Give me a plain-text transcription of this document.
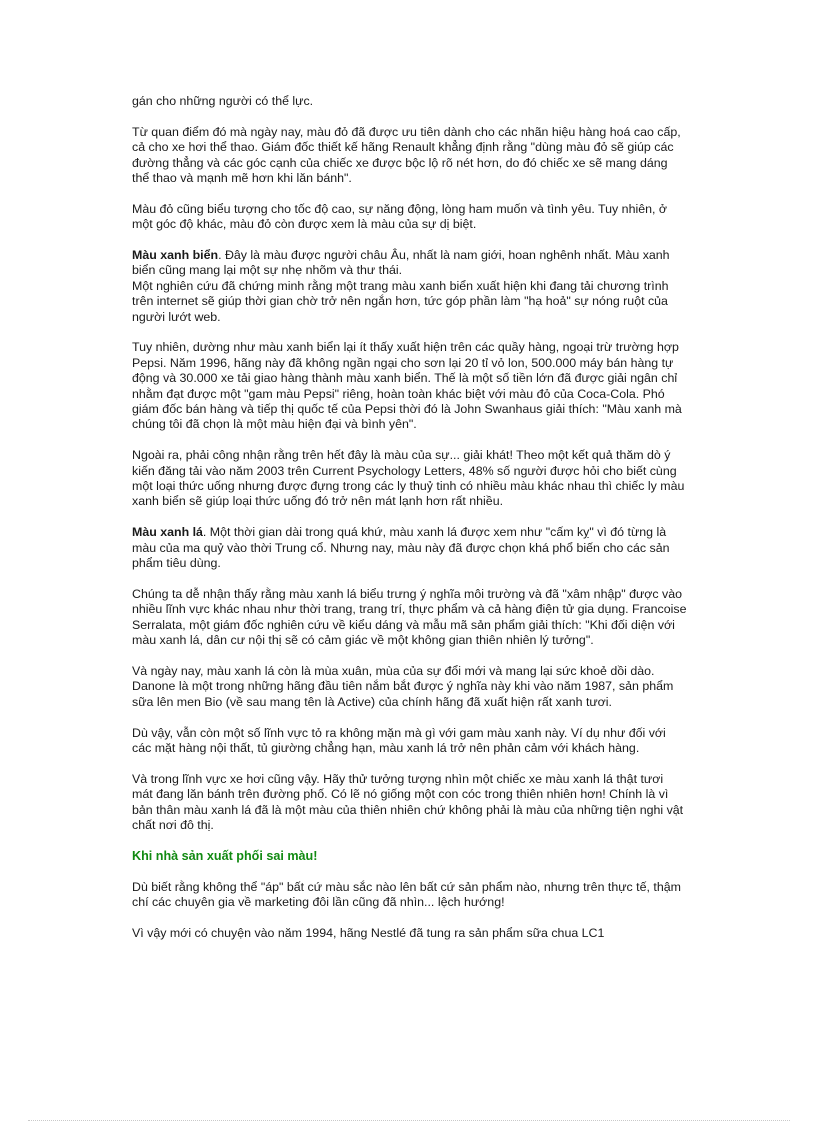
gán cho những người có thể lực.

Từ quan điểm đó mà ngày nay, màu đỏ đã được ưu tiên dành cho các nhãn hiệu hàng hoá cao cấp, cả cho xe hơi thể thao. Giám đốc thiết kế hãng Renault khẳng định rằng "dùng màu đỏ sẽ giúp các đường thẳng và các góc cạnh của chiếc xe được bộc lộ rõ nét hơn, do đó chiếc xe sẽ mang dáng thể thao và mạnh mẽ hơn khi lăn bánh".

Màu đỏ cũng biểu tượng cho tốc độ cao, sự năng động, lòng ham muốn và tình yêu. Tuy nhiên, ở một góc độ khác, màu đỏ còn được xem là màu của sự dị biệt.

Màu xanh biển. Đây là màu được người châu Âu, nhất là nam giới, hoan nghênh nhất. Màu xanh biển cũng mang lại một sự nhẹ nhõm và thư thái.

Một nghiên cứu đã chứng minh rằng một trang màu xanh biển xuất hiện khi đang tải chương trình trên internet sẽ giúp thời gian chờ trở nên ngắn hơn, tức góp phần làm "hạ hoả" sự nóng ruột của người lướt web.

Tuy nhiên, dường như màu xanh biển lại ít thấy xuất hiện trên các quầy hàng, ngoại trừ trường hợp Pepsi. Năm 1996, hãng này đã không ngần ngại cho sơn lại 20 tỉ vỏ lon, 500.000 máy bán hàng tự động và 30.000 xe tải giao hàng thành màu xanh biển. Thế là một số tiền lớn đã được giải ngân chỉ nhằm đạt được một "gam màu Pepsi" riêng, hoàn toàn khác biệt với màu đỏ của Coca-Cola. Phó giám đốc bán hàng và tiếp thị quốc tế của Pepsi thời đó là John Swanhaus giải thích: "Màu xanh mà chúng tôi đã chọn là một màu hiện đại và bình yên".

Ngoài ra, phải công nhận rằng trên hết đây là màu của sự... giải khát! Theo một kết quả thăm dò ý kiến đăng tải vào năm 2003 trên Current Psychology Letters, 48% số người được hỏi cho biết cùng một loại thức uống nhưng được đựng trong các ly thuỷ tinh có nhiều màu khác nhau thì chiếc ly màu xanh biển sẽ giúp loại thức uống đó trở nên mát lạnh hơn rất nhiều.

Màu xanh lá. Một thời gian dài trong quá khứ, màu xanh lá được xem như "cấm kỵ" vì đó từng là màu của ma quỷ vào thời Trung cổ. Nhưng nay, màu này đã được chọn khá phổ biến cho các sản phẩm tiêu dùng.

Chúng ta dễ nhận thấy rằng màu xanh lá biểu trưng ý nghĩa môi trường và đã "xâm nhập" được vào nhiều lĩnh vực khác nhau như thời trang, trang trí, thực phẩm và cả hàng điện tử gia dụng. Francoise Serralata, một giám đốc nghiên cứu về kiểu dáng và mẫu mã sản phẩm giải thích: "Khi đối diện với màu xanh lá, dân cư nội thị sẽ có cảm giác về một không gian thiên nhiên lý tưởng".

Và ngày nay, màu xanh lá còn là mùa xuân, mùa của sự đổi mới và mang lại sức khoẻ dồi dào. Danone là một trong những hãng đầu tiên nắm bắt được ý nghĩa này khi vào năm 1987, sản phẩm sữa lên men Bio (về sau mang tên là Active) của chính hãng đã xuất hiện rất xanh tươi.

Dù vậy, vẫn còn một số lĩnh vực tỏ ra không mặn mà gì với gam màu xanh này. Ví dụ như đối với các mặt hàng nội thất, tủ giường chẳng hạn, màu xanh lá trở nên phản cảm với khách hàng.

Và trong lĩnh vực xe hơi cũng vậy. Hãy thử tưởng tượng nhìn một chiếc xe màu xanh lá thật tươi mát đang lăn bánh trên đường phố. Có lẽ nó giống một con cóc trong thiên nhiên hơn! Chính là vì bản thân màu xanh lá đã là một màu của thiên nhiên chứ không phải là màu của những tiện nghi vật chất nơi đô thị.

Khi nhà sản xuất phối sai màu!

Dù biết rằng không thể "áp" bất cứ màu sắc nào lên bất cứ sản phẩm nào, nhưng trên thực tế, thậm chí các chuyên gia về marketing đôi lần cũng đã nhìn... lệch hướng!

Vì vậy mới có chuyện vào năm 1994, hãng Nestlé đã tung ra sản phẩm sữa chua LC1
